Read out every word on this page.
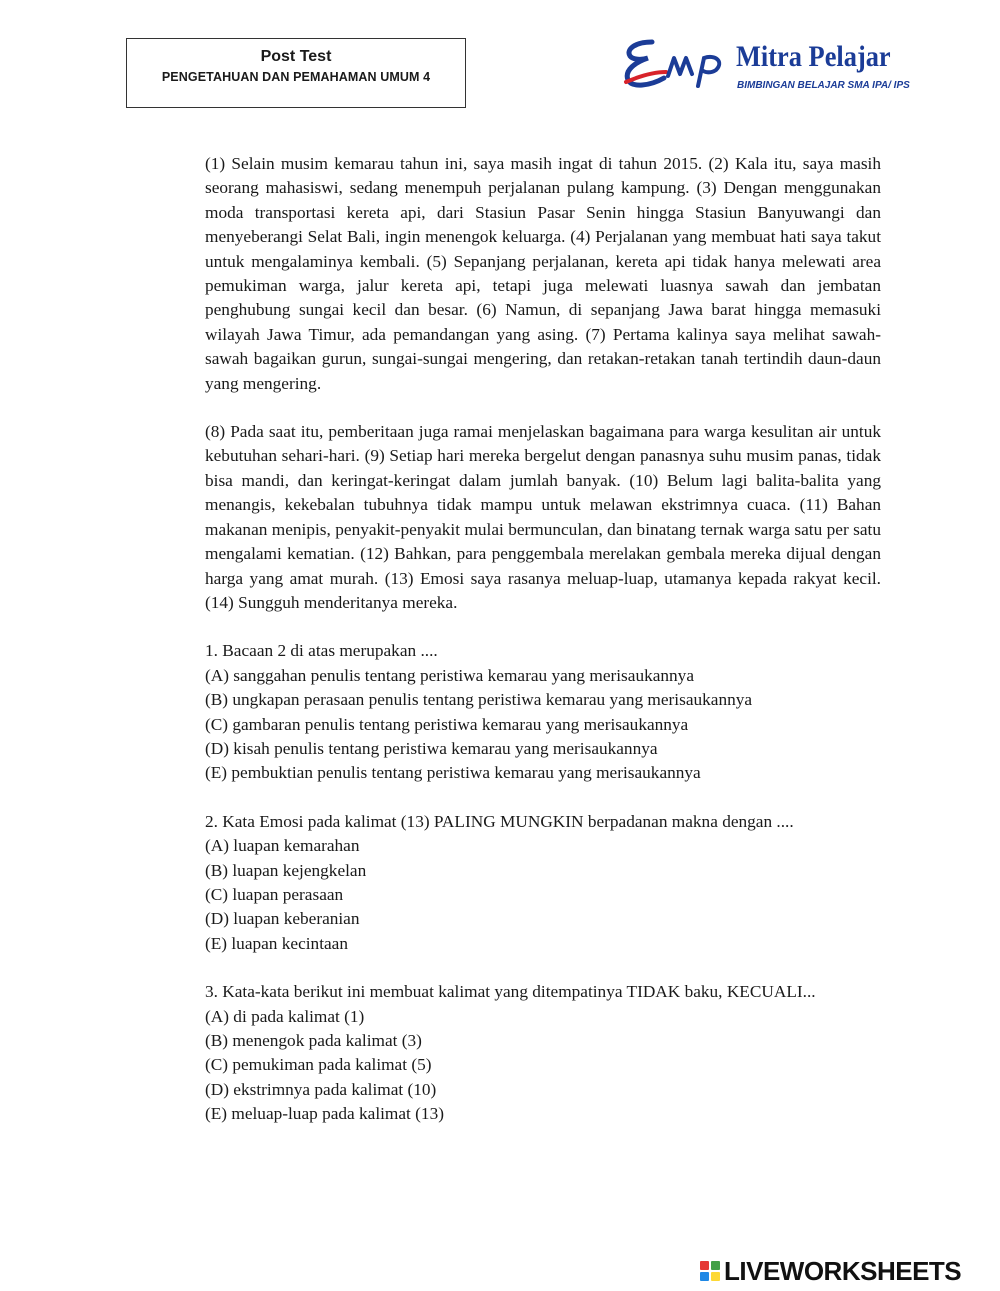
Post Test
PENGETAHUAN DAN PEMAHAMAN UMUM 4
Mitra Pelajar
BIMBINGAN BELAJAR SMA IPA/ IPS

(1) Selain musim kemarau tahun ini, saya masih ingat di tahun 2015. (2) Kala itu, saya masih seorang mahasiswi, sedang menempuh perjalanan pulang kampung. (3) Dengan menggunakan moda transportasi kereta api, dari Stasiun Pasar Senin hingga Stasiun Banyuwangi dan menyeberangi Selat Bali, ingin menengok keluarga. (4) Perjalanan yang membuat hati saya takut untuk mengalaminya kembali. (5) Sepanjang perjalanan, kereta api tidak hanya melewati area pemukiman warga, jalur kereta api, tetapi juga melewati luasnya sawah dan jembatan penghubung sungai kecil dan besar. (6) Namun, di sepanjang Jawa barat hingga memasuki wilayah Jawa Timur, ada pemandangan yang asing. (7) Pertama kalinya saya melihat sawah-sawah bagaikan gurun, sungai-sungai mengering, dan retakan-retakan tanah tertindih daun-daun yang mengering.

(8) Pada saat itu, pemberitaan juga ramai menjelaskan bagaimana para warga kesulitan air untuk kebutuhan sehari-hari. (9) Setiap hari mereka bergelut dengan panasnya suhu musim panas, tidak bisa mandi, dan keringat-keringat dalam jumlah banyak. (10) Belum lagi balita-balita yang menangis, kekebalan tubuhnya tidak mampu untuk melawan ekstrimnya cuaca. (11) Bahan makanan menipis, penyakit-penyakit mulai bermunculan, dan binatang ternak warga satu per satu mengalami kematian. (12) Bahkan, para penggembala merelakan gembala mereka dijual dengan harga yang amat murah. (13) Emosi saya rasanya meluap-luap, utamanya kepada rakyat kecil. (14) Sungguh menderitanya mereka.

1. Bacaan 2 di atas merupakan ....

(A) sanggahan penulis tentang peristiwa kemarau yang merisaukannya
(B) ungkapan perasaan penulis tentang peristiwa kemarau yang merisaukannya
(C) gambaran penulis tentang peristiwa kemarau yang merisaukannya
(D) kisah penulis tentang peristiwa kemarau yang merisaukannya
(E) pembuktian penulis tentang peristiwa kemarau yang merisaukannya

2. Kata Emosi pada kalimat (13) PALING MUNGKIN berpadanan makna dengan ....

(A) luapan kemarahan
(B) luapan kejengkelan
(C) luapan perasaan
(D) luapan keberanian
(E) luapan kecintaan

3. Kata-kata berikut ini membuat kalimat yang ditempatinya TIDAK baku, KECUALI...

(A) di pada kalimat (1)
(B) menengok pada kalimat (3)
(C) pemukiman pada kalimat (5)
(D) ekstrimnya pada kalimat (10)
(E) meluap-luap pada kalimat (13)
LIVEWORKSHEETS
